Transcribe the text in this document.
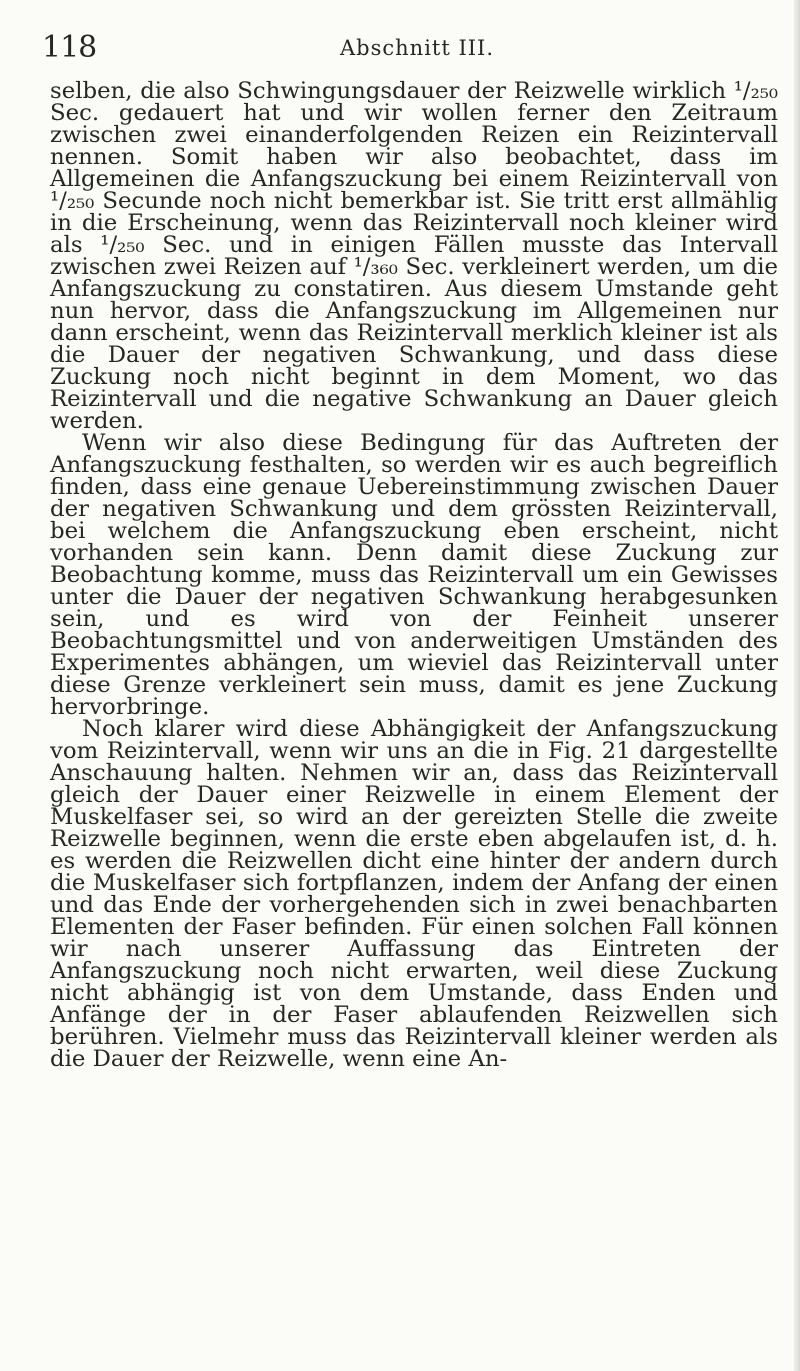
118	Abschnitt III.

selben, die also Schwingungsdauer der Reizwelle wirklich ¹/₂₅₀ Sec. gedauert hat und wir wollen ferner den Zeitraum zwischen zwei einanderfolgenden Reizen ein Reizintervall nennen. Somit haben wir also beobachtet, dass im Allgemeinen die Anfangszuckung bei einem Reizintervall von ¹/₂₅₀ Secunde noch nicht bemerkbar ist. Sie tritt erst allmählig in die Erscheinung, wenn das Reizintervall noch kleiner wird als ¹/₂₅₀ Sec. und in einigen Fällen musste das Intervall zwischen zwei Reizen auf ¹/₃₆₀ Sec. verkleinert werden, um die Anfangszuckung zu constatiren. Aus diesem Umstande geht nun hervor, dass die Anfangszuckung im Allgemeinen nur dann erscheint, wenn das Reizintervall merklich kleiner ist als die Dauer der negativen Schwankung, und dass diese Zuckung noch nicht beginnt in dem Moment, wo das Reizintervall und die negative Schwankung an Dauer gleich werden.

Wenn wir also diese Bedingung für das Auftreten der Anfangszuckung festhalten, so werden wir es auch begreiflich finden, dass eine genaue Uebereinstimmung zwischen Dauer der negativen Schwankung und dem grössten Reizintervall, bei welchem die Anfangszuckung eben erscheint, nicht vorhanden sein kann. Denn damit diese Zuckung zur Beobachtung komme, muss das Reizintervall um ein Gewisses unter die Dauer der negativen Schwankung herabgesunken sein, und es wird von der Feinheit unserer Beobachtungsmittel und von anderweitigen Umständen des Experimentes abhängen, um wieviel das Reizintervall unter diese Grenze verkleinert sein muss, damit es jene Zuckung hervorbringe.

Noch klarer wird diese Abhängigkeit der Anfangszuckung vom Reizintervall, wenn wir uns an die in Fig. 21 dargestellte Anschauung halten. Nehmen wir an, dass das Reizintervall gleich der Dauer einer Reizwelle in einem Element der Muskelfaser sei, so wird an der gereizten Stelle die zweite Reizwelle beginnen, wenn die erste eben abgelaufen ist, d. h. es werden die Reizwellen dicht eine hinter der andern durch die Muskelfaser sich fortpflanzen, indem der Anfang der einen und das Ende der vorhergehenden sich in zwei benachbarten Elementen der Faser befinden. Für einen solchen Fall können wir nach unserer Auffassung das Eintreten der Anfangszuckung noch nicht erwarten, weil diese Zuckung nicht abhängig ist von dem Umstande, dass Enden und Anfänge der in der Faser ablaufenden Reizwellen sich berühren. Vielmehr muss das Reizintervall kleiner werden als die Dauer der Reizwelle, wenn eine An-
